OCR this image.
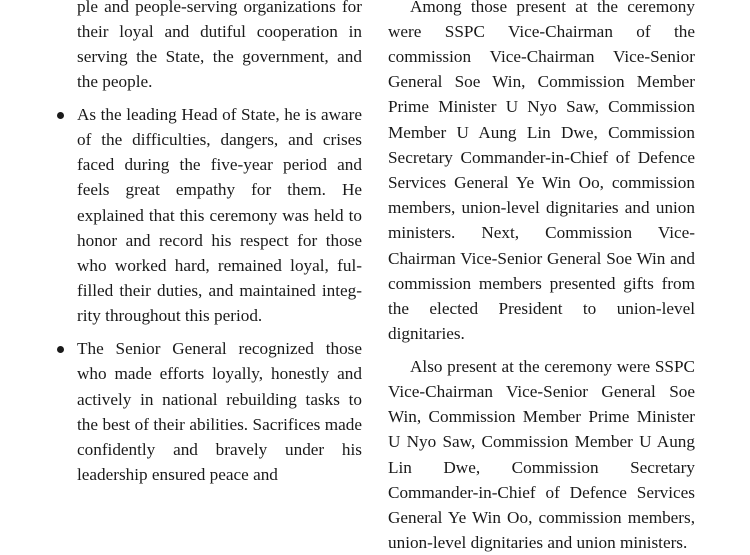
ple and people-serving organizations for their loyal and dutiful cooperation in serving the State, the government, and the people.

As the leading Head of State, he is aware of the difficulties, dangers, and crises faced during the five-year period and feels great empathy for them. He explained that this ceremony was held to honor and record his respect for those who worked hard, remained loyal, fulfilled their duties, and maintained integrity throughout this period.

The Senior General recognized those who made efforts loyally, honestly and actively in national rebuilding tasks to the best of their abilities. Sacrifices made confidently and bravely under his leadership ensured peace and

Among those present at the ceremony were SSPC Vice-Chairman of the commission Vice-Chairman Vice-Senior General Soe Win, Commission Member Prime Minister U Nyo Saw, Commission Member U Aung Lin Dwe, Commission Secretary Commander-in-Chief of Defence Services General Ye Win Oo, commission members, union-level dignitaries and union ministers. Next, Commission Vice-Chairman Vice-Senior General Soe Win and commission members presented gifts from the elected President to union-level dignitaries.

Also present at the ceremony were SSPC Vice-Chairman Vice-Senior General Soe Win, Commission Member Prime Minister U Nyo Saw, Commission Member U Aung Lin Dwe, Commission Secretary Commander-in-Chief of Defence Services General Ye Win Oo, commission members, union-level dignitaries and union ministers.
